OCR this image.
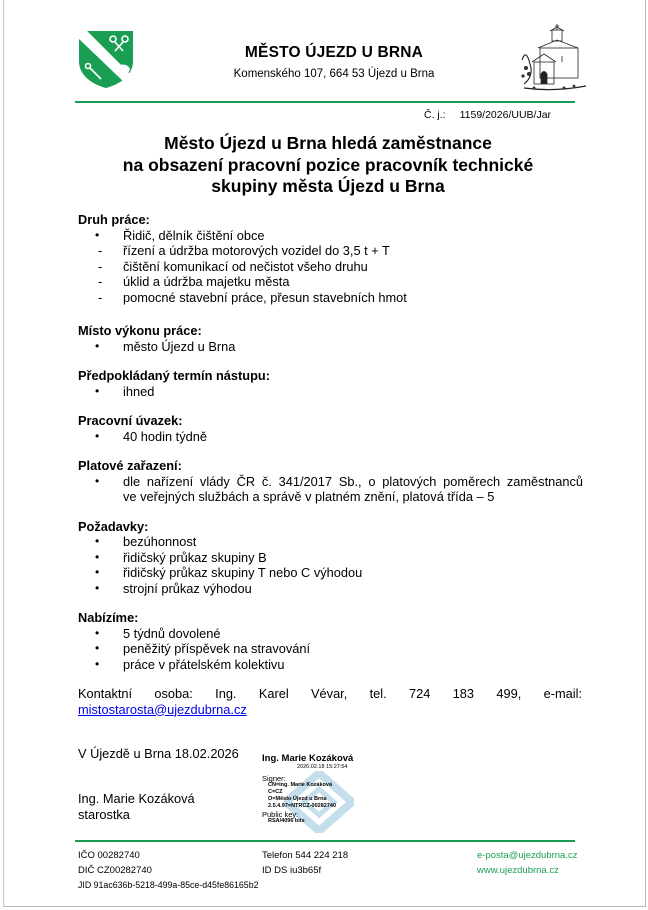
✶	MĚSTO ÚJEZD U BRNA
Komenského 107, 664 53 Újezd u Brna
Č. j.: 1159/2026/UUB/Jar
Město Újezd u Brna hledá zaměstnance
na obsazení pracovní pozice pracovník technické
skupiny města Újezd u Brna

Druh práce:

• Řidič, dělník čištění obce
- řízení a údržba motorových vozidel do 3,5 t + T
- čištění komunikací od nečistot všeho druhu
- úklid a údržba majetku města
- pomocné stavební práce, přesun stavebních hmot

Místo výkonu práce:

• město Újezd u Brna

Předpokládaný termín nástupu:

• ihned

Pracovní úvazek:

• 40 hodin týdně

Platové zařazení:

• dle nařízení vlády ČR č. 341/2017 Sb., o platových poměrech zaměstnanců
ve veřejných službách a správě v platném znění, platová třída – 5

Požadavky:

• bezúhonnost
• řidičský průkaz skupiny B
• řidičský průkaz skupiny T nebo C výhodou
• strojní průkaz výhodou

Nabízíme:

• 5 týdnů dovolené
• peněžitý příspěvek na stravování
• práce v přátelském kolektivu
Kontaktní osoba: Ing. Karel Vévar, tel. 724 183 499, e-mail:
mistostarosta@ujezdubrna.cz
V Újezdě u Brna 18.02.2026
Ing. Marie Kozáková
starostka
Ing. Marie Kozáková
2026.02.18 15:27:54
Signer:
CN=Ing. Marie Kozáková
C=CZ
O=Město Újezd u Brna
2.5.4.97=NTRCZ-00282740
Public key:
RSA/4096 bits
IČO 00282740
DIČ CZ00282740
JID 91ac636b-5218-499a-85ce-d45fe86165b2
Telefon 544 224 218
ID DS iu3b65f
e-posta@ujezdubrna.cz
www.ujezdubrna.cz
